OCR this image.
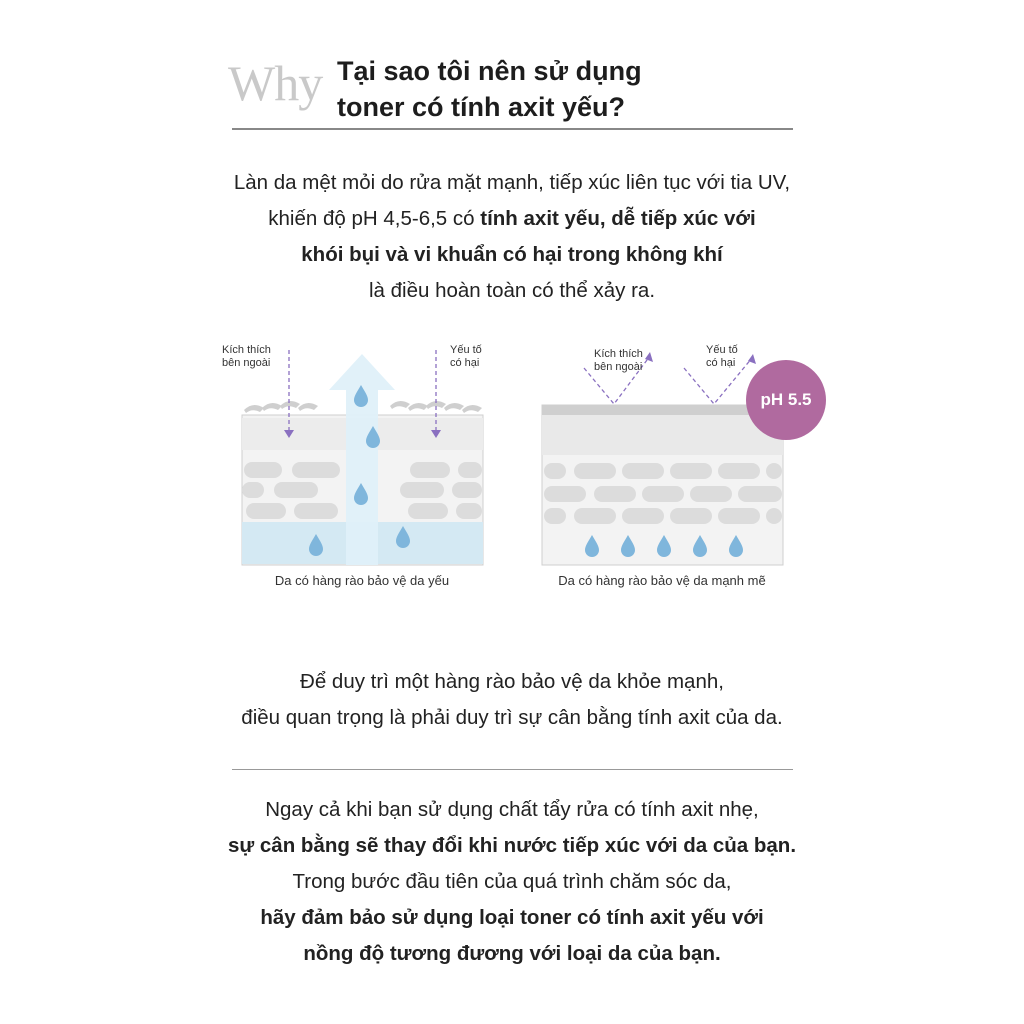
Why Tại sao tôi nên sử dụng
toner có tính axit yếu?
Làn da mệt mỏi do rửa mặt mạnh, tiếp xúc liên tục với tia UV,
khiến độ pH 4,5-6,5 có tính axit yếu, dễ tiếp xúc với
khói bụi và vi khuẩn có hại trong không khí
là điều hoàn toàn có thể xảy ra.
Kích thích
bên ngoài
Yếu tố
có hại
Da có hàng rào bảo vệ da yếu
Kích thích
bên ngoài
Yếu tố
có hại
pH 5.5
Da có hàng rào bảo vệ da mạnh mẽ
Để duy trì một hàng rào bảo vệ da khỏe mạnh,
điều quan trọng là phải duy trì sự cân bằng tính axit của da.
Ngay cả khi bạn sử dụng chất tẩy rửa có tính axit nhẹ,
sự cân bằng sẽ thay đổi khi nước tiếp xúc với da của bạn.
Trong bước đầu tiên của quá trình chăm sóc da,
hãy đảm bảo sử dụng loại toner có tính axit yếu với
nồng độ tương đương với loại da của bạn.
